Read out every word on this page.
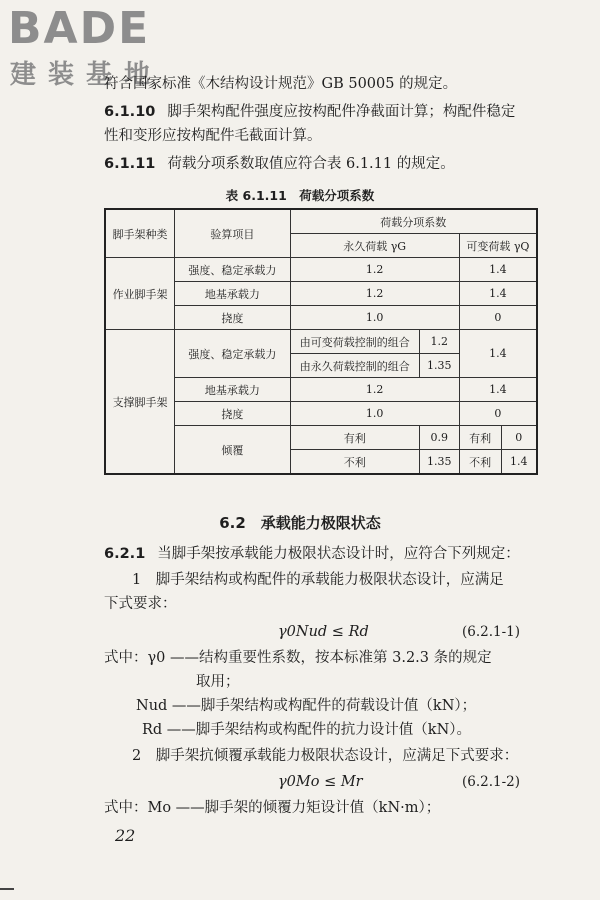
BADE
建装基地
符合国家标准《木结构设计规范》GB 50005 的规定。
6.1.10 脚手架构配件强度应按构配件净截面计算；构配件稳定
性和变形应按构配件毛截面计算。
6.1.11 荷载分项系数取值应符合表 6.1.11 的规定。
表 6.1.11　荷载分项系数
脚手架种类	验算项目	荷载分项系数			
		永久荷载 γG		可变荷载 γQ	
作业脚手架	强度、稳定承载力	1.2		1.4	
	地基承载力	1.2		1.4	
	挠度	1.0		0	
支撑脚手架	强度、稳定承载力	由可变荷载控制的组合	1.2	1.4	
		由永久荷载控制的组合	1.35		
	地基承载力	1.2		1.4	
	挠度	1.0		0	
	倾覆	有利	0.9	有利	0
		不利	1.35	不利	1.4
6.2　承载能力极限状态
6.2.1 当脚手架按承载能力极限状态设计时，应符合下列规定：
1　脚手架结构或构配件的承载能力极限状态设计，应满足
下式要求：
γ0Nud ≤ Rd	(6.2.1-1)
式中：γ0 ——结构重要性系数，按本标准第 3.2.3 条的规定
取用；
Nud ——脚手架结构或构配件的荷载设计值（kN）；
Rd ——脚手架结构或构配件的抗力设计值（kN）。
2　脚手架抗倾覆承载能力极限状态设计，应满足下式要求：
γ0Mo ≤ Mr	(6.2.1-2)
式中：Mo ——脚手架的倾覆力矩设计值（kN·m）；
22
